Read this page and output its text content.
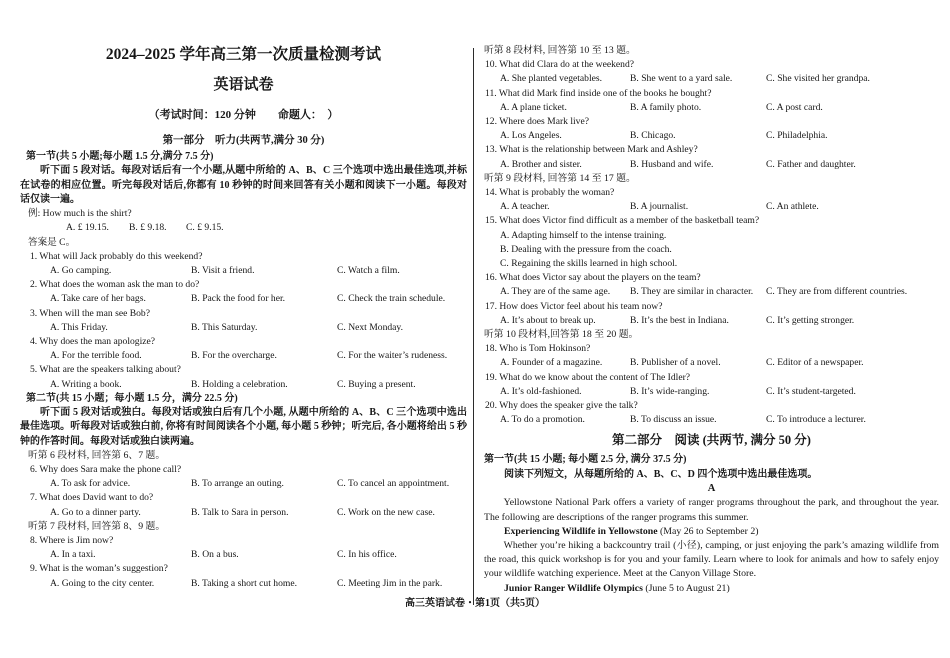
2024–2025 学年高三第一次质量检测考试
英语试卷
（考试时间：120 分钟　　命题人：　）
第一部分　听力(共两节,满分 30 分)
第一节(共 5 小题;每小题 1.5 分,满分 7.5 分)
听下面 5 段对话。每段对话后有一个小题,从题中所给的 A、B、C 三个选项中选出最佳选项,并标在试卷的相应位置。听完每段对话后,你都有 10 秒钟的时间来回答有关小题和阅读下一小题。每段对话仅读一遍。
例: How much is the shirt?
A. £ 19.15.	B. £ 9.18.	C. £ 9.15.
答案是 C。
1. What will Jack probably do this weekend?
A. Go camping.	B. Visit a friend.	C. Watch a film.
2. What does the woman ask the man to do?
A. Take care of her bags.	B. Pack the food for her.	C. Check the train schedule.
3. When will the man see Bob?
A. This Friday.	B. This Saturday.	C. Next Monday.
4. Why does the man apologize?
A. For the terrible food.	B. For the overcharge.	C. For the waiter’s rudeness.
5. What are the speakers talking about?
A. Writing a book.	B. Holding a celebration.	C. Buying a present.
第二节(共 15 小题；每小题 1.5 分，满分 22.5 分)
听下面 5 段对话或独白。每段对话或独白后有几个小题, 从题中所给的 A、B、C 三个选项中选出最佳选项。听每段对话或独白前, 你将有时间阅读各个小题, 每小题 5 秒钟；听完后, 各小题将给出 5 秒钟的作答时间。每段对话或独白读两遍。
听第 6 段材料, 回答第 6、7 题。
6. Why does Sara make the phone call?
A. To ask for advice.	B. To arrange an outing.	C. To cancel an appointment.
7. What does David want to do?
A. Go to a dinner party.	B. Talk to Sara in person.	C. Work on the new case.
听第 7 段材料, 回答第 8、9 题。
8. Where is Jim now?
A. In a taxi.	B. On a bus.	C. In his office.
9. What is the woman’s suggestion?
A. Going to the city center.	B. Taking a short cut home.	C. Meeting Jim in the park.
听第 8 段材料, 回答第 10 至 13 题。
10. What did Clara do at the weekend?
A. She planted vegetables.	B. She went to a yard sale.	C. She visited her grandpa.
11. What did Mark find inside one of the books he bought?
A. A plane ticket.	B. A family photo.	C. A post card.
12. Where does Mark live?
A. Los Angeles.	B. Chicago.	C. Philadelphia.
13. What is the relationship between Mark and Ashley?
A. Brother and sister.	B. Husband and wife.	C. Father and daughter.
听第 9 段材料, 回答第 14 至 17 题。
14. What is probably the woman?
A. A teacher.	B. A journalist.	C. An athlete.
15. What does Victor find difficult as a member of the basketball team?
A. Adapting himself to the intense training.
B. Dealing with the pressure from the coach.
C. Regaining the skills learned in high school.
16. What does Victor say about the players on the team?
A. They are of the same age.	B. They are similar in character.	C. They are from different countries.
17. How does Victor feel about his team now?
A. It’s about to break up.	B. It’s the best in Indiana.	C. It’s getting stronger.
听第 10 段材料,回答第 18 至 20 题。
18. Who is Tom Hokinson?
A. Founder of a magazine.	B. Publisher of a novel.	C. Editor of a newspaper.
19. What do we know about the content of The Idler?
A. It’s old-fashioned.	B. It’s wide-ranging.	C. It’s student-targeted.
20. Why does the speaker give the talk?
A. To do a promotion.	B. To discuss an issue.	C. To introduce a lecturer.
第二部分　阅读 (共两节, 满分 50 分)
第一节(共 15 小题; 每小题 2.5 分, 满分 37.5 分)
阅读下列短文，从每题所给的 A、B、C、D 四个选项中选出最佳选项。
A
Yellowstone National Park offers a variety of ranger programs throughout the park, and throughout the year. The following are descriptions of the ranger programs this summer.
Experiencing Wildlife in Yellowstone (May 26 to September 2)
Whether you’re hiking a backcountry trail (小径), camping, or just enjoying the park’s amazing wildlife from the road, this quick workshop is for you and your family. Learn where to look for animals and how to safely enjoy your wildlife watching experience. Meet at the Canyon Village Store.
Junior Ranger Wildlife Olympics (June 5 to August 21)
高三英语试卷・第1页（共5页）
